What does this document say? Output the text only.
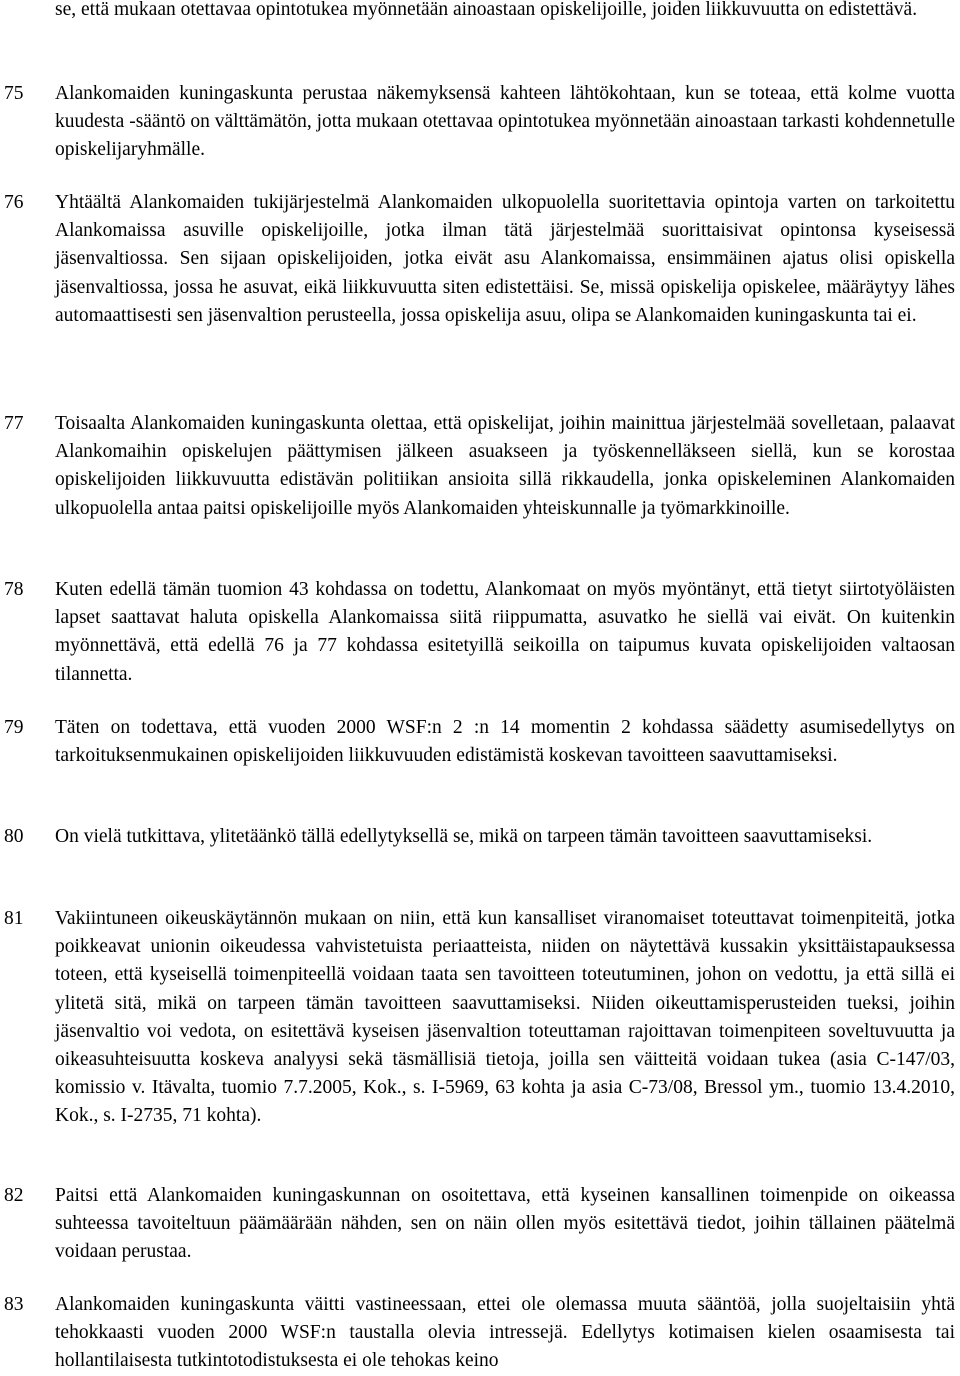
se, että mukaan otettavaa opintotukea myönnetään ainoastaan opiskelijoille, joiden liikkuvuutta on edistettävä.

75 Alankomaiden kuningaskunta perustaa näkemyksensä kahteen lähtökohtaan, kun se toteaa, että kolme vuotta kuudesta -sääntö on välttämätön, jotta mukaan otettavaa opintotukea myönnetään ainoastaan tarkasti kohdennetulle opiskelijaryhmälle.

76 Yhtäältä Alankomaiden tukijärjestelmä Alankomaiden ulkopuolella suoritettavia opintoja varten on tarkoitettu Alankomaissa asuville opiskelijoille, jotka ilman tätä järjestelmää suorittaisivat opintonsa kyseisessä jäsenvaltiossa. Sen sijaan opiskelijoiden, jotka eivät asu Alankomaissa, ensimmäinen ajatus olisi opiskella jäsenvaltiossa, jossa he asuvat, eikä liikkuvuutta siten edistettäisi. Se, missä opiskelija opiskelee, määräytyy lähes automaattisesti sen jäsenvaltion perusteella, jossa opiskelija asuu, olipa se Alankomaiden kuningaskunta tai ei.

77 Toisaalta Alankomaiden kuningaskunta olettaa, että opiskelijat, joihin mainittua järjestelmää sovelletaan, palaavat Alankomaihin opiskelujen päättymisen jälkeen asuakseen ja työskennelläkseen siellä, kun se korostaa opiskelijoiden liikkuvuutta edistävän politiikan ansioita sillä rikkaudella, jonka opiskeleminen Alankomaiden ulkopuolella antaa paitsi opiskelijoille myös Alankomaiden yhteiskunnalle ja työmarkkinoille.

78 Kuten edellä tämän tuomion 43 kohdassa on todettu, Alankomaat on myös myöntänyt, että tietyt siirtotyöläisten lapset saattavat haluta opiskella Alankomaissa siitä riippumatta, asuvatko he siellä vai eivät. On kuitenkin myönnettävä, että edellä 76 ja 77 kohdassa esitetyillä seikoilla on taipumus kuvata opiskelijoiden valtaosan tilannetta.

79 Täten on todettava, että vuoden 2000 WSF:n 2 :n 14 momentin 2 kohdassa säädetty asumisedellytys on tarkoituksenmukainen opiskelijoiden liikkuvuuden edistämistä koskevan tavoitteen saavuttamiseksi.

80 On vielä tutkittava, ylitetäänkö tällä edellytyksellä se, mikä on tarpeen tämän tavoitteen saavuttamiseksi.

81 Vakiintuneen oikeuskäytännön mukaan on niin, että kun kansalliset viranomaiset toteuttavat toimenpiteitä, jotka poikkeavat unionin oikeudessa vahvistetuista periaatteista, niiden on näytettävä kussakin yksittäistapauksessa toteen, että kyseisellä toimenpiteellä voidaan taata sen tavoitteen toteutuminen, johon on vedottu, ja että sillä ei ylitetä sitä, mikä on tarpeen tämän tavoitteen saavuttamiseksi. Niiden oikeuttamisperusteiden tueksi, joihin jäsenvaltio voi vedota, on esitettävä kyseisen jäsenvaltion toteuttaman rajoittavan toimenpiteen soveltuvuutta ja oikeasuhteisuutta koskeva analyysi sekä täsmällisiä tietoja, joilla sen väitteitä voidaan tukea (asia C-147/03, komissio v. Itävalta, tuomio 7.7.2005, Kok., s. I-5969, 63 kohta ja asia C-73/08, Bressol ym., tuomio 13.4.2010, Kok., s. I-2735, 71 kohta).

82 Paitsi että Alankomaiden kuningaskunnan on osoitettava, että kyseinen kansallinen toimenpide on oikeassa suhteessa tavoiteltuun päämäärään nähden, sen on näin ollen myös esitettävä tiedot, joihin tällainen päätelmä voidaan perustaa.

83 Alankomaiden kuningaskunta väitti vastineessaan, ettei ole olemassa muuta sääntöä, jolla suojeltaisiin yhtä tehokkaasti vuoden 2000 WSF:n taustalla olevia intressejä. Edellytys kotimaisen kielen osaamisesta tai hollantilaisesta tutkintotodistuksesta ei ole tehokas keino
